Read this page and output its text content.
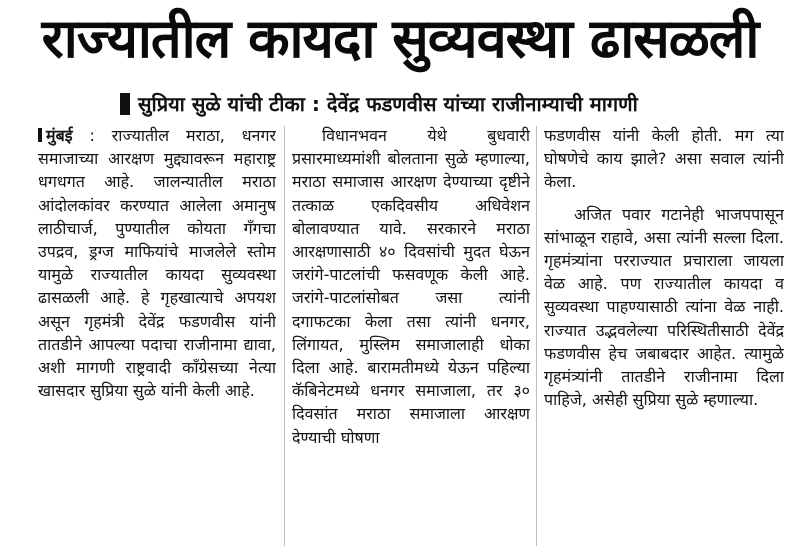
राज्यातील कायदा सुव्यवस्था ढासळली
सुप्रिया सुळे यांची टीका : देवेंद्र फडणवीस यांच्या राजीनाम्याची मागणी

मुंबई : राज्यातील मराठा, धनगर समाजाच्या आरक्षण मुद्द्यावरून महाराष्ट्र धगधगत आहे. जालन्यातील मराठा आंदोलकांवर करण्यात आलेला अमानुष लाठीचार्ज, पुण्यातील कोयता गँगचा उपद्रव, ड्रग्ज माफियांचे माजलेले स्तोम यामुळे राज्यातील कायदा सुव्यवस्था ढासळली आहे. हे गृहखात्याचे अपयश असून गृहमंत्री देवेंद्र फडणवीस यांनी तातडीने आपल्या पदाचा राजीनामा द्यावा, अशी मागणी राष्ट्रवादी काँग्रेसच्या नेत्या खासदार सुप्रिया सुळे यांनी केली आहे.

विधानभवन येथे बुधवारी प्रसारमाध्यमांशी बोलताना सुळे म्हणाल्या, मराठा समाजास आरक्षण देण्याच्या दृष्टीने तत्काळ एकदिवसीय अधिवेशन बोलावण्यात यावे. सरकारने मराठा आरक्षणासाठी ४० दिवसांची मुदत घेऊन जरांगे-पाटलांची फसवणूक केली आहे. जरांगे-पाटलांसोबत जसा त्यांनी दगाफटका केला तसा त्यांनी धनगर, लिंगायत, मुस्लिम समाजालाही धोका दिला आहे. बारामतीमध्ये येऊन पहिल्या कॅबिनेटमध्ये धनगर समाजाला, तर ३० दिवसांत मराठा समाजाला आरक्षण देण्याची घोषणा

फडणवीस यांनी केली होती. मग त्या घोषणेचे काय झाले? असा सवाल त्यांनी केला.

अजित पवार गटानेही भाजपपासून सांभाळून राहावे, असा त्यांनी सल्ला दिला. गृहमंत्र्यांना परराज्यात प्रचाराला जायला वेळ आहे. पण राज्यातील कायदा व सुव्यवस्था पाहण्यासाठी त्यांना वेळ नाही. राज्यात उद्भवलेल्या परिस्थितीसाठी देवेंद्र फडणवीस हेच जबाबदार आहेत. त्यामुळे गृहमंत्र्यांनी तातडीने राजीनामा दिला पाहिजे, असेही सुप्रिया सुळे म्हणाल्या.
